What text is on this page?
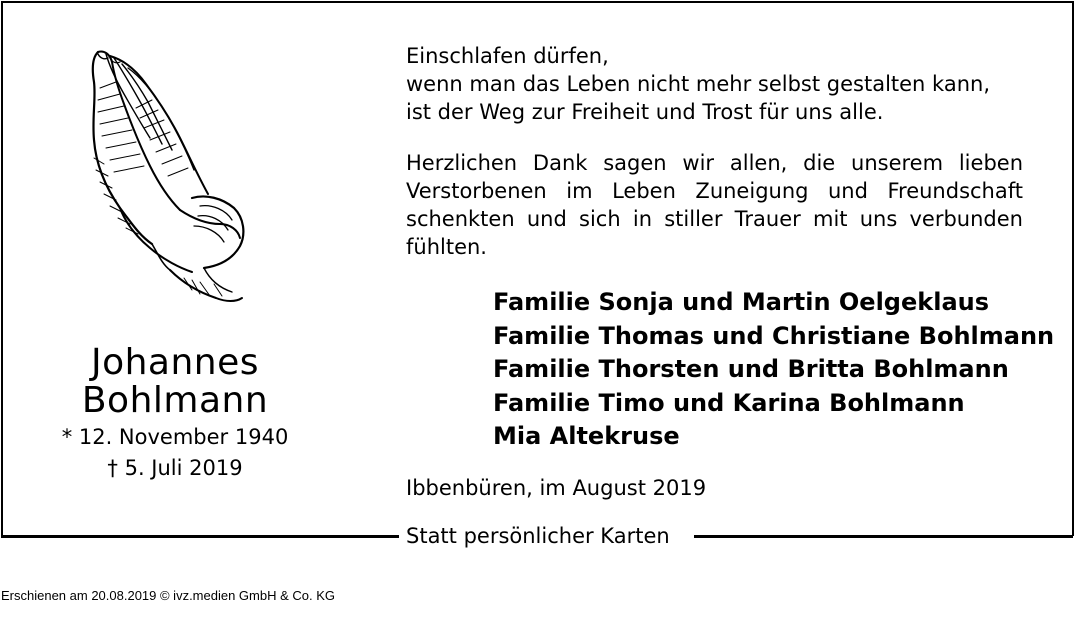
Statt persönlicher Karten
Johannes
Bohlmann
* 12. November 1940
† 5. Juli 2019
Einschlafen dürfen,
wenn man das Leben nicht mehr selbst gestalten kann,
ist der Weg zur Freiheit und Trost für uns alle.

Herzlichen Dank sagen wir allen, die unserem lieben Verstorbenen im Leben Zuneigung und Freundschaft schenkten und sich in stiller Trauer mit uns verbunden fühlten.

Familie Sonja und Martin Oelgeklaus
Familie Thomas und Christiane Bohlmann
Familie Thorsten und Britta Bohlmann
Familie Timo und Karina Bohlmann
Mia Altekruse
Ibbenbüren, im August 2019
Erschienen am 20.08.2019 © ivz.medien GmbH & Co. KG
